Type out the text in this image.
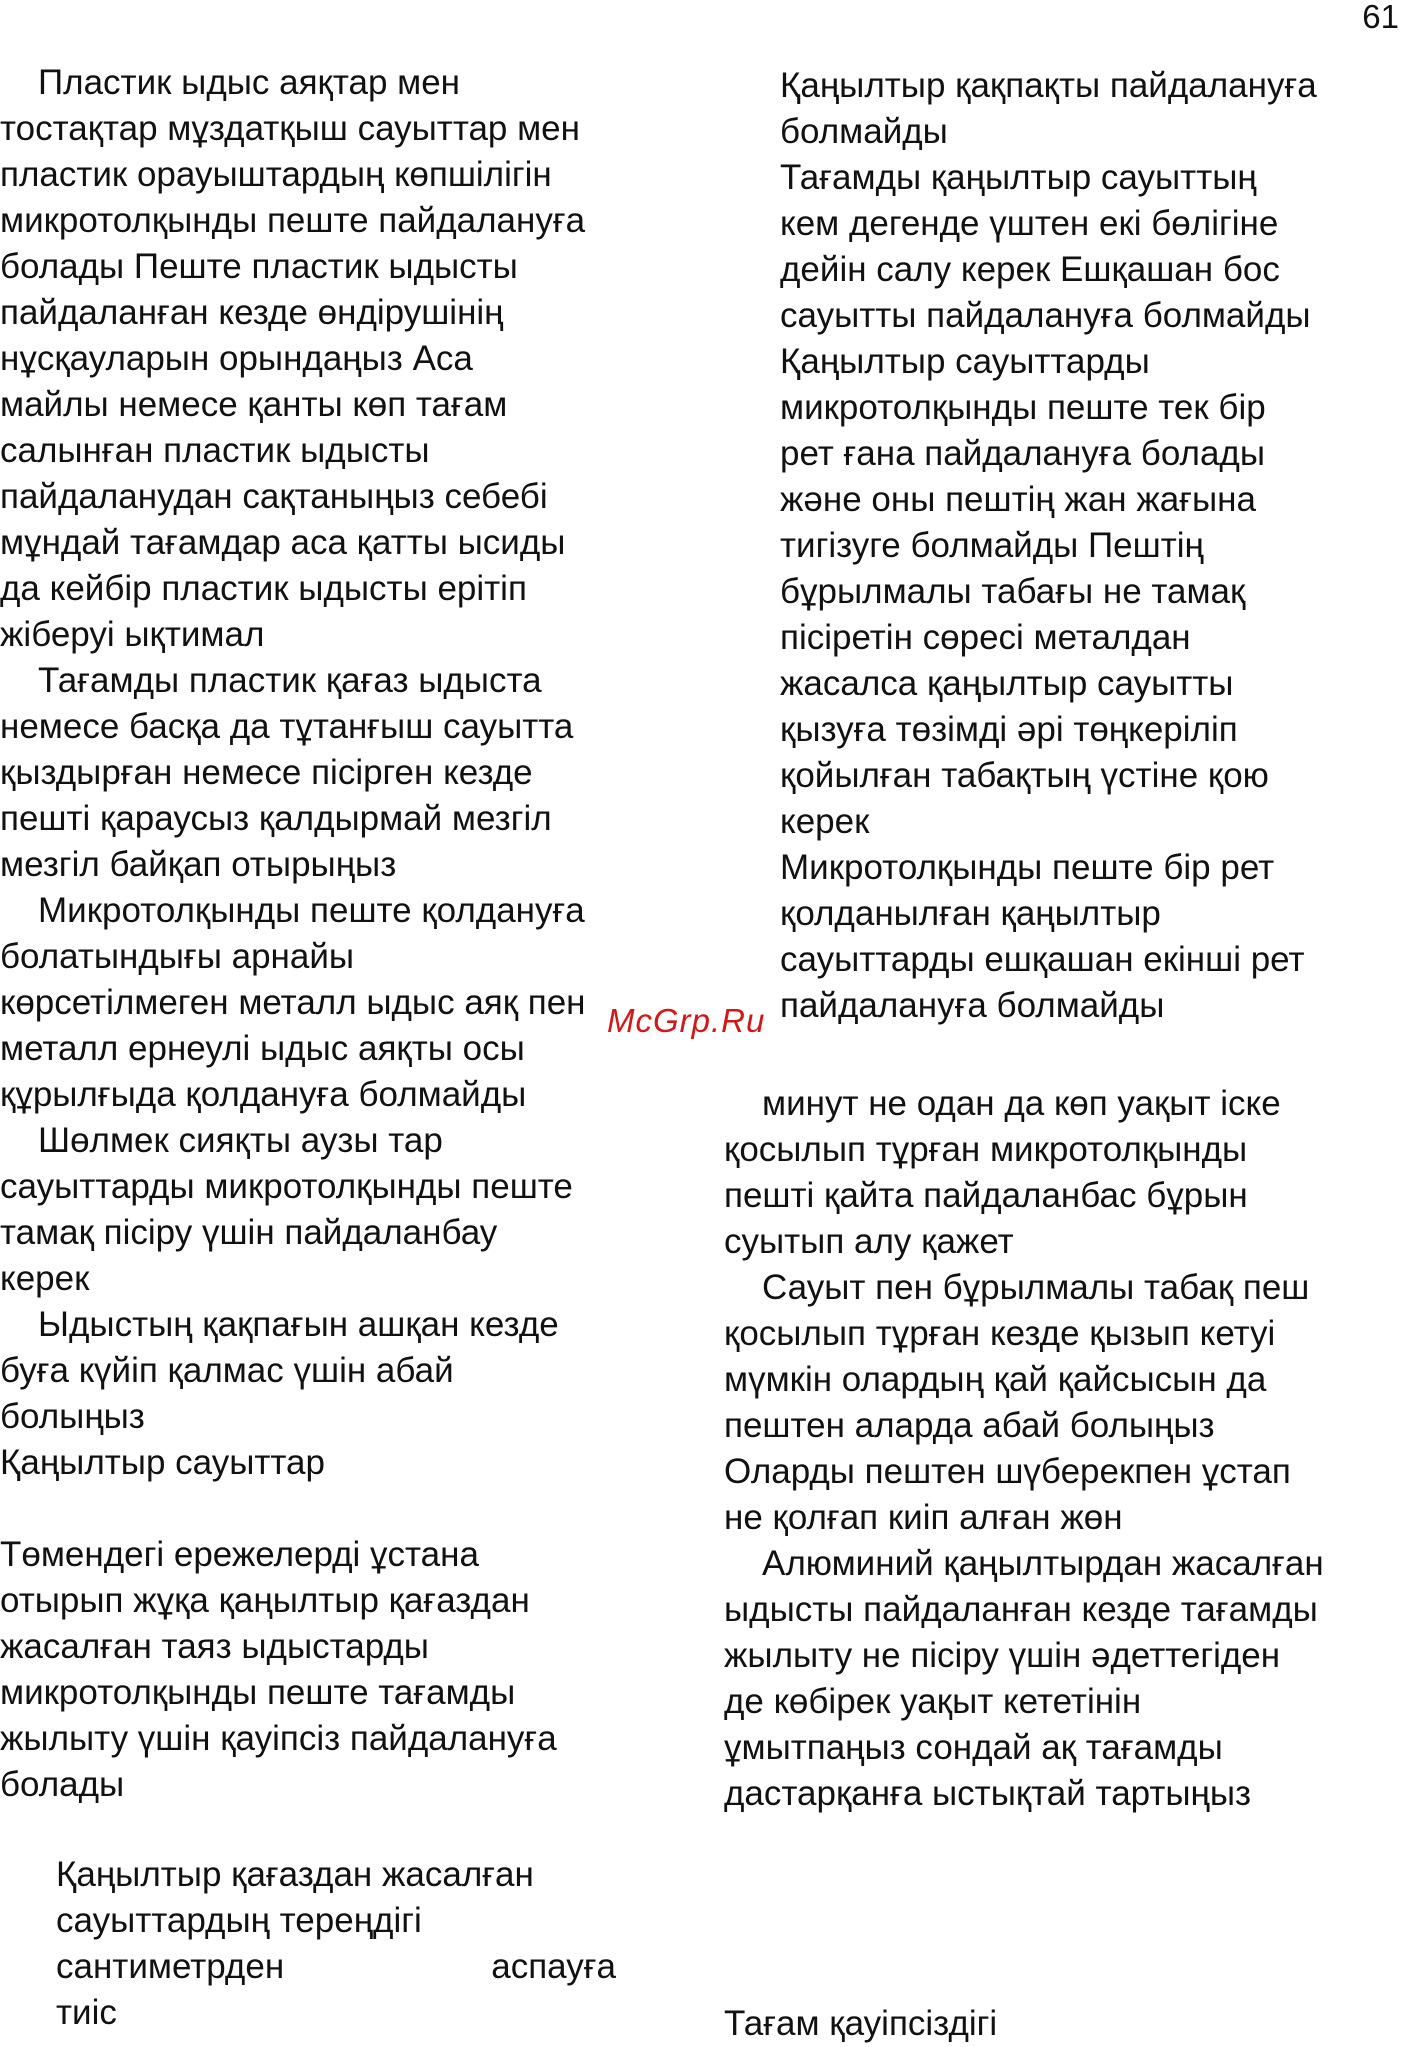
61

Пластик ыдыс аяқтар мен
тостақтар мұздатқыш сауыттар мен
пластик орауыштардың көпшілігін
микротолқынды пеште пайдалануға
болады Пеште пластик ыдысты
пайдаланған кезде өндірушінің
нұсқауларын орындаңыз Аса
майлы немесе қанты көп тағам
салынған пластик ыдысты
пайдаланудан сақтаныңыз себебі
мұндай тағамдар аса қатты ысиды
да кейбір пластик ыдысты ерітіп
жіберуі ықтимал

Тағамды пластик қағаз ыдыста
немесе басқа да тұтанғыш сауытта
қыздырған немесе пісірген кезде
пешті қараусыз қалдырмай мезгіл
мезгіл байқап отырыңыз

Микротолқынды пеште қолдануға
болатындығы арнайы
көрсетілмеген металл ыдыс аяқ пен
металл ернеулі ыдыс аяқты осы
құрылғыда қолдануға болмайды

Шөлмек сияқты аузы тар
сауыттарды микротолқынды пеште
тамақ пісіру үшін пайдаланбау
керек

Ыдыстың қақпағын ашқан кезде
буға күйіп қалмас үшін абай
болыңыз

Қаңылтыр сауыттар

Төмендегі ережелерді ұстана
отырып жұқа қаңылтыр қағаздан
жасалған таяз ыдыстарды
микротолқынды пеште тағамды
жылыту үшін қауіпсіз пайдалануға
болады

Қаңылтыр қағаздан жасалған
сауыттардың тереңдігі
сантиметрден	аспауға
тиіс

Қаңылтыр қақпақты пайдалануға
болмайды

Тағамды қаңылтыр сауыттың
кем дегенде үштен екі бөлігіне
дейін салу керек Ешқашан бос
сауытты пайдалануға болмайды

Қаңылтыр сауыттарды
микротолқынды пеште тек бір
рет ғана пайдалануға болады
және оны пештің жан жағына
тигізуге болмайды Пештің
бұрылмалы табағы не тамақ
пісіретін сөресі металдан
жасалса қаңылтыр сауытты
қызуға төзімді әрі төңкеріліп
қойылған табақтың үстіне қою
керек

Микротолқынды пеште бір рет
қолданылған қаңылтыр
сауыттарды ешқашан екінші рет
пайдалануға болмайды

McGrp.Ru

минут не одан да көп уақыт іске
қосылып тұрған микротолқынды
пешті қайта пайдаланбас бұрын
суытып алу қажет

Сауыт пен бұрылмалы табақ пеш
қосылып тұрған кезде қызып кетуі
мүмкін олардың қай қайсысын да
пештен аларда абай болыңыз
Оларды пештен шүберекпен ұстап
не қолғап киіп алған жөн

Алюминий қаңылтырдан жасалған
ыдысты пайдаланған кезде тағамды
жылыту не пісіру үшін әдеттегіден
де көбірек уақыт кететінін
ұмытпаңыз сондай ақ тағамды
дастарқанға ыстықтай тартыңыз

Тағам қауіпсіздігі
